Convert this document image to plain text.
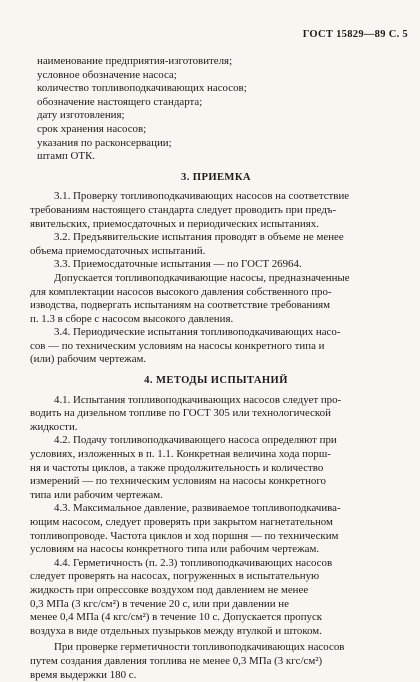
ГОСТ 15829—89 С. 5
наименование предприятия-изготовителя;
условное обозначение насоса;
количество топливоподкачивающих насосов;
обозначение настоящего стандарта;
дату изготовления;
срок хранения насосов;
указания по расконсервации;
штамп ОТК.
3. ПРИЕМКА
3.1. Проверку топливоподкачивающих насосов на соответствие
требованиям настоящего стандарта следует проводить при предъ-
явительских, приемосдаточных и периодических испытаниях.
3.2. Предъявительские испытания проводят в объеме не менее
объема приемосдаточных испытаний.
3.3. Приемосдаточные испытания — по ГОСТ 26964.
Допускается топливоподкачивающие насосы, предназначенные
для комплектации насосов высокого давления собственного про-
изводства, подвергать испытаниям на соответствие требованиям
п. 1.3 в сборе с насосом высокого давления.
3.4. Периодические испытания топливоподкачивающих насо-
сов — по техническим условиям на насосы конкретного типа и
(или) рабочим чертежам.
4. МЕТОДЫ ИСПЫТАНИЙ
4.1. Испытания топливоподкачивающих насосов следует про-
водить на дизельном топливе по ГОСТ 305 или технологической
жидкости.
4.2. Подачу топливоподкачивающего насоса определяют при
условиях, изложенных в п. 1.1. Конкретная величина хода порш-
ня и частоты циклов, а также продолжительность и количество
измерений — по техническим условиям на насосы конкретного
типа или рабочим чертежам.
4.3. Максимальное давление, развиваемое топливоподкачива-
ющим насосом, следует проверять при закрытом нагнетательном
топливопроводе. Частота циклов и ход поршня — по техническим
условиям на насосы конкретного типа или рабочим чертежам.
4.4. Герметичность (п. 2.3) топливоподкачивающих насосов
следует проверять на насосах, погруженных в испытательную
жидкость при опрессовке воздухом под давлением не менее
0,3 МПа (3 кгс/см²) в течение 20 с, или при давлении не
менее 0,4 МПа (4 кгс/см²) в течение 10 с. Допускается пропуск
воздуха в виде отдельных пузырьков между втулкой и штоком.
При проверке герметичности топливоподкачивающих насосов
путем создания давления топлива не менее 0,3 МПа (3 кгс/см²)
время выдержки 180 с.
